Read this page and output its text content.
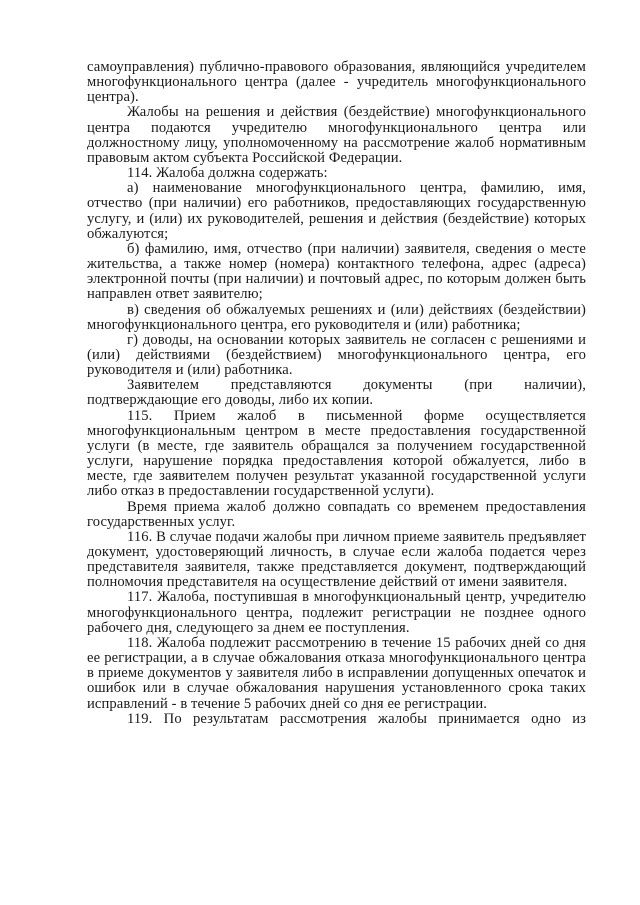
самоуправления) публично-правового образования, являющийся учредителем многофункционального центра (далее - учредитель многофункционального центра).

Жалобы на решения и действия (бездействие) многофункционального центра подаются учредителю многофункционального центра или должностному лицу, уполномоченному на рассмотрение жалоб нормативным правовым актом субъекта Российской Федерации.

114. Жалоба должна содержать:

а) наименование многофункционального центра, фамилию, имя, отчество (при наличии) его работников, предоставляющих государственную услугу, и (или) их руководителей, решения и действия (бездействие) которых обжалуются;

б) фамилию, имя, отчество (при наличии) заявителя, сведения о месте жительства, а также номер (номера) контактного телефона, адрес (адреса) электронной почты (при наличии) и почтовый адрес, по которым должен быть направлен ответ заявителю;

в) сведения об обжалуемых решениях и (или) действиях (бездействии) многофункционального центра, его руководителя и (или) работника;

г) доводы, на основании которых заявитель не согласен с решениями и (или) действиями (бездействием) многофункционального центра, его руководителя и (или) работника.

Заявителем представляются документы (при наличии), подтверждающие его доводы, либо их копии.

115. Прием жалоб в письменной форме осуществляется многофункциональным центром в месте предоставления государственной услуги (в месте, где заявитель обращался за получением государственной услуги, нарушение порядка предоставления которой обжалуется, либо в месте, где заявителем получен результат указанной государственной услуги либо отказ в предоставлении государственной услуги).

Время приема жалоб должно совпадать со временем предоставления государственных услуг.

116. В случае подачи жалобы при личном приеме заявитель предъявляет документ, удостоверяющий личность, в случае если жалоба подается через представителя заявителя, также представляется документ, подтверждающий полномочия представителя на осуществление действий от имени заявителя.

117. Жалоба, поступившая в многофункциональный центр, учредителю многофункционального центра, подлежит регистрации не позднее одного рабочего дня, следующего за днем ее поступления.

118. Жалоба подлежит рассмотрению в течение 15 рабочих дней со дня ее регистрации, а в случае обжалования отказа многофункционального центра в приеме документов у заявителя либо в исправлении допущенных опечаток и ошибок или в случае обжалования нарушения установленного срока таких исправлений - в течение 5 рабочих дней со дня ее регистрации.

119. По результатам рассмотрения жалобы принимается одно из
